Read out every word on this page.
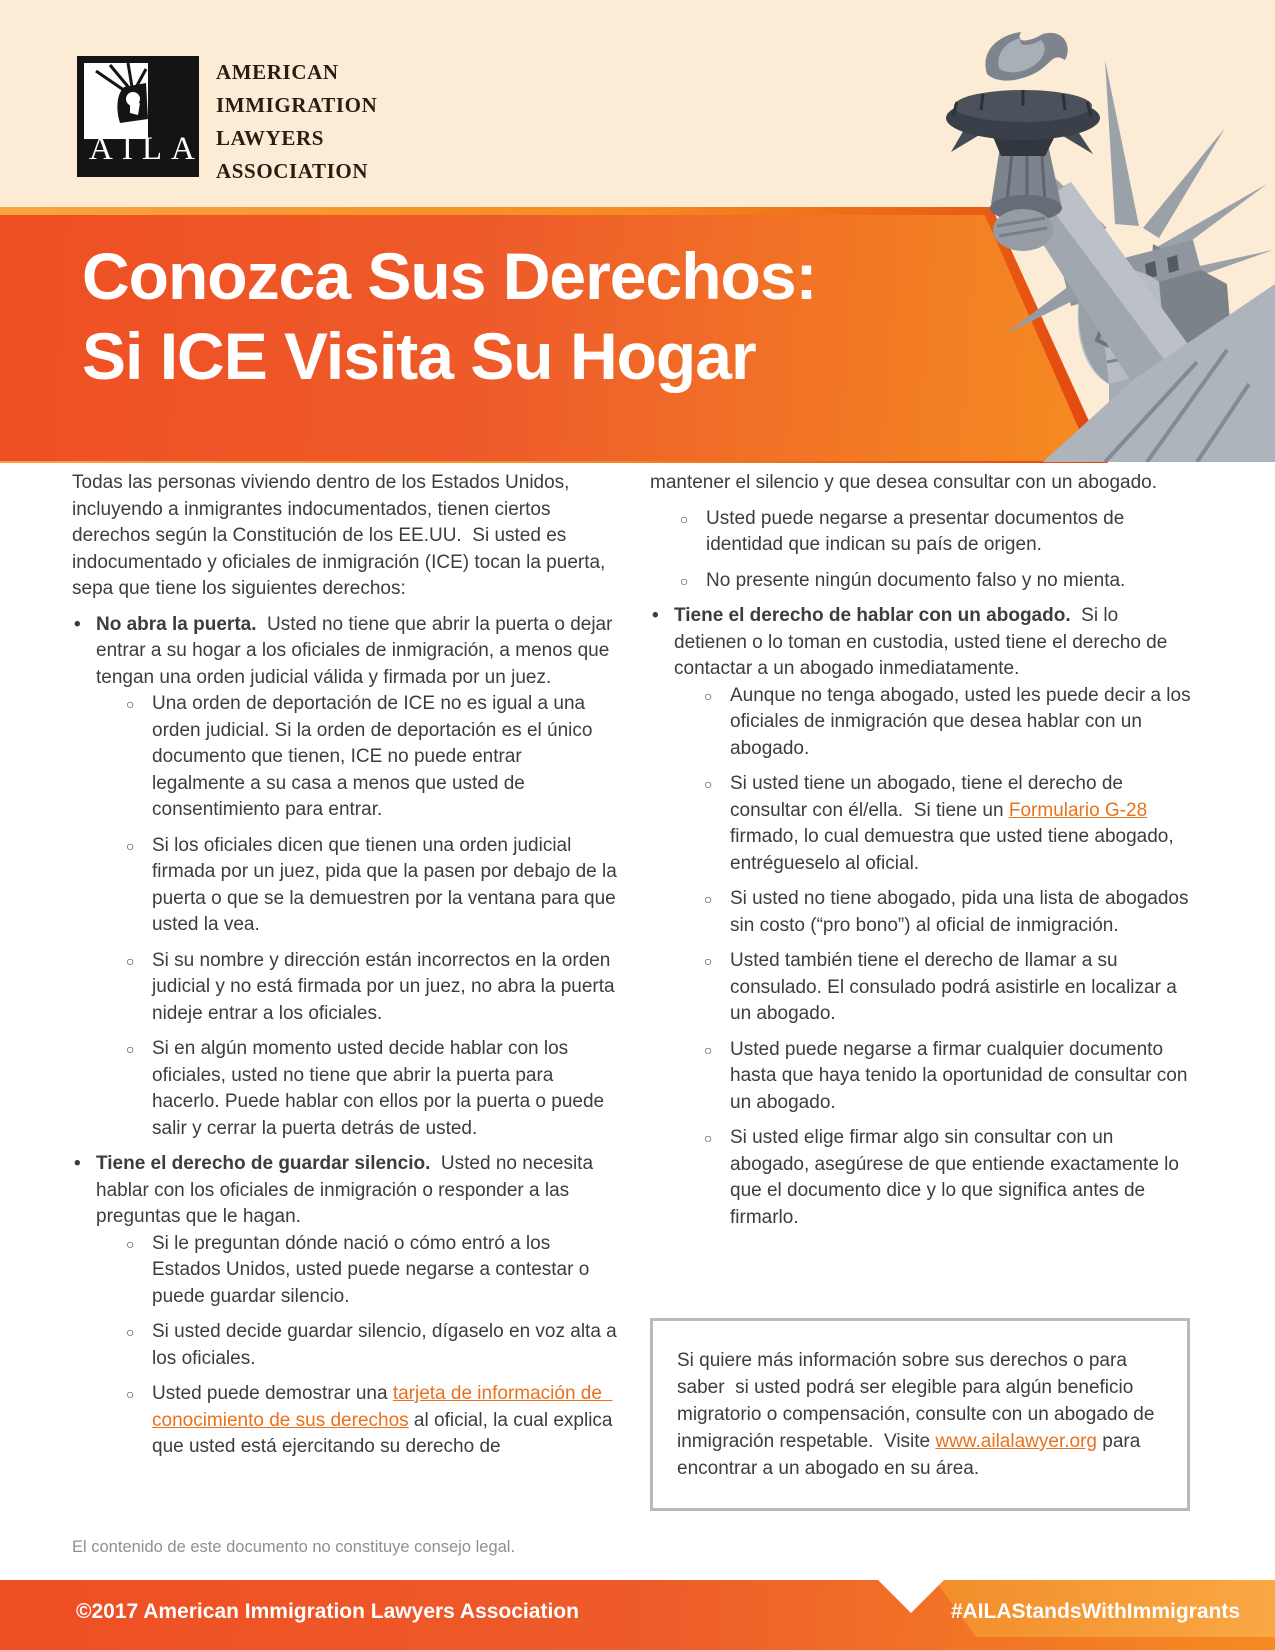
AILA
AMERICAN
IMMIGRATION
LAWYERS
ASSOCIATION
Conozca Sus Derechos:
Si ICE Visita Su Hogar

Todas las personas viviendo dentro de los Estados Unidos, incluyendo a inmigrantes indocumentados, tienen ciertos derechos según la Constitución de los EE.UU.  Si usted es indocumentado y oficiales de inmigración (ICE) tocan la puerta, sepa que tiene los siguientes derechos:

• No abra la puerta.  Usted no tiene que abrir la puerta o dejar entrar a su hogar a los oficiales de inmigración, a menos que tengan una orden judicial válida y firmada por un juez.
○ Una orden de deportación de ICE no es igual a una orden judicial. Si la orden de deportación es el único documento que tienen, ICE no puede entrar legalmente a su casa a menos que usted de consentimiento para entrar.
○ Si los oficiales dicen que tienen una orden judicial firmada por un juez, pida que la pasen por debajo de la puerta o que se la demuestren por la ventana para que usted la vea.
○ Si su nombre y dirección están incorrectos en la orden judicial y no está firmada por un juez, no abra la puerta nideje entrar a los oficiales.
○ Si en algún momento usted decide hablar con los oficiales, usted no tiene que abrir la puerta para hacerlo. Puede hablar con ellos por la puerta o puede salir y cerrar la puerta detrás de usted.
• Tiene el derecho de guardar silencio.  Usted no necesita hablar con los oficiales de inmigración o responder a las preguntas que le hagan.
○ Si le preguntan dónde nació o cómo entró a los Estados Unidos, usted puede negarse a contestar o puede guardar silencio.
○ Si usted decide guardar silencio, dígaselo en voz alta a los oficiales.
○ Usted puede demostrar una tarjeta de información de  conocimiento de sus derechos al oficial, la cual explica que usted está ejercitando su derecho de

mantener el silencio y que desea consultar con un abogado.

○ Usted puede negarse a presentar documentos de identidad que indican su país de origen.
○ No presente ningún documento falso y no mienta.
• Tiene el derecho de hablar con un abogado.  Si lo detienen o lo toman en custodia, usted tiene el derecho de contactar a un abogado inmediatamente.
○ Aunque no tenga abogado, usted les puede decir a los oficiales de inmigración que desea hablar con un abogado.
○ Si usted tiene un abogado, tiene el derecho de consultar con él/ella.  Si tiene un Formulario G-28 firmado, lo cual demuestra que usted tiene abogado, entrégueselo al oficial.
○ Si usted no tiene abogado, pida una lista de abogados sin costo (“pro bono”) al oficial de inmigración.
○ Usted también tiene el derecho de llamar a su consulado. El consulado podrá asistirle en localizar a un abogado.
○ Usted puede negarse a firmar cualquier documento hasta que haya tenido la oportunidad de consultar con un abogado.
○ Si usted elige firmar algo sin consultar con un abogado, asegúrese de que entiende exactamente lo que el documento dice y lo que significa antes de firmarlo.
Si quiere más información sobre sus derechos o para saber  si usted podrá ser elegible para algún beneficio migratorio o compensación, consulte con un abogado de inmigración respetable.  Visite www.ailalawyer.org para encontrar a un abogado en su área.
El contenido de este documento no constituye consejo legal.
©2017 American Immigration Lawyers Association	#AILAStandsWithImmigrants
